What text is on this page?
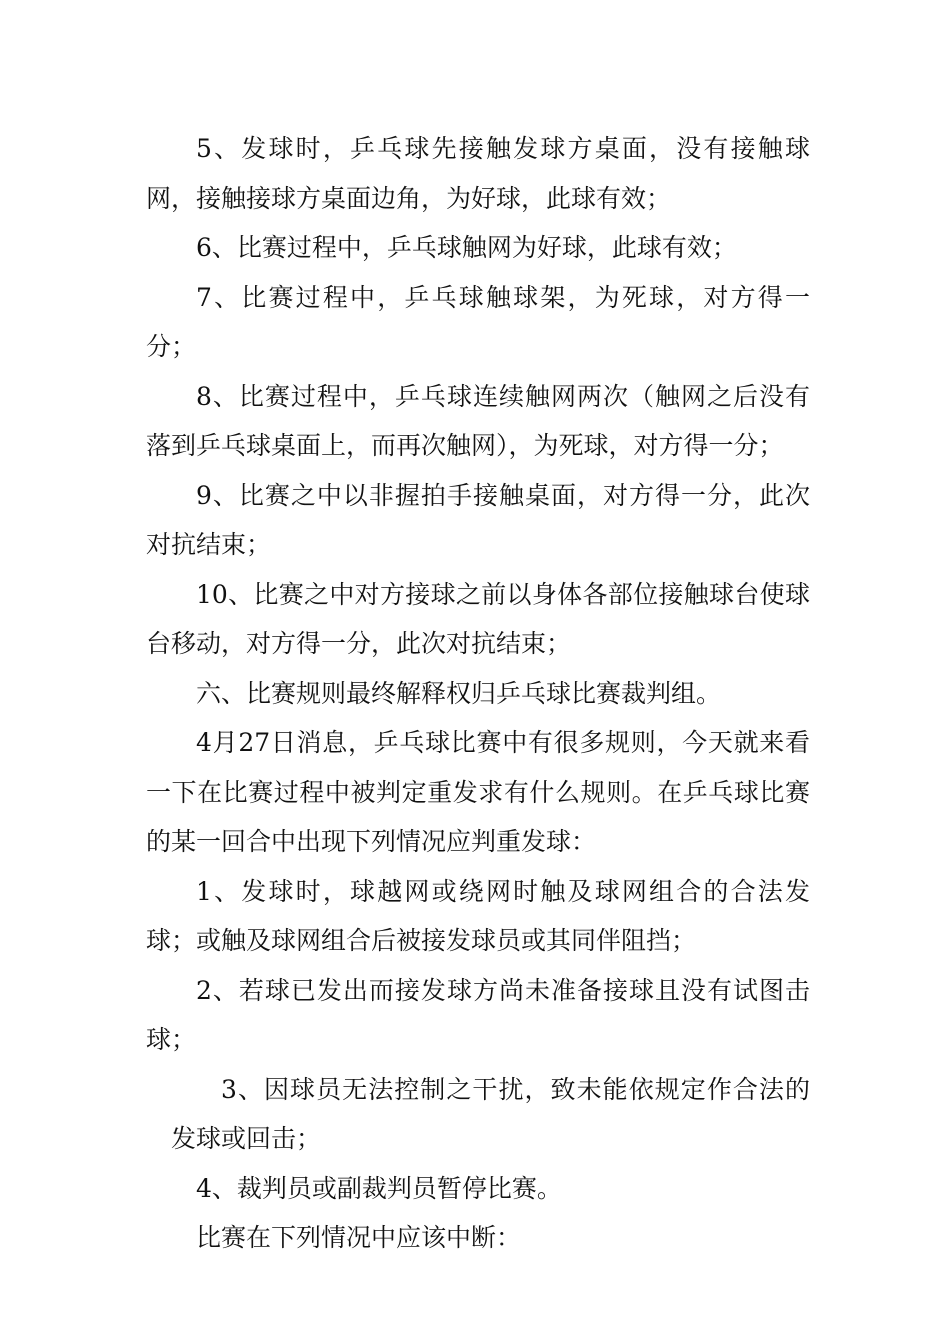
5、发球时，乒乓球先接触发球方桌面，没有接触球网，接触接球方桌面边角，为好球，此球有效；

6、比赛过程中，乒乓球触网为好球，此球有效；

7、比赛过程中，乒乓球触球架，为死球，对方得一分；

8、比赛过程中，乒乓球连续触网两次（触网之后没有落到乒乓球桌面上，而再次触网），为死球，对方得一分；

9、比赛之中以非握拍手接触桌面，对方得一分，此次对抗结束；

10、比赛之中对方接球之前以身体各部位接触球台使球台移动，对方得一分，此次对抗结束；

六、比赛规则最终解释权归乒乓球比赛裁判组。

4月27日消息，乒乓球比赛中有很多规则，今天就来看一下在比赛过程中被判定重发求有什么规则。在乒乓球比赛的某一回合中出现下列情况应判重发球：

1、发球时，球越网或绕网时触及球网组合的合法发球；或触及球网组合后被接发球员或其同伴阻挡；

2、若球已发出而接发球方尚未准备接球且没有试图击球；

3、因球员无法控制之干扰，致未能依规定作合法的发球或回击；

4、裁判员或副裁判员暂停比赛。

比赛在下列情况中应该中断：
